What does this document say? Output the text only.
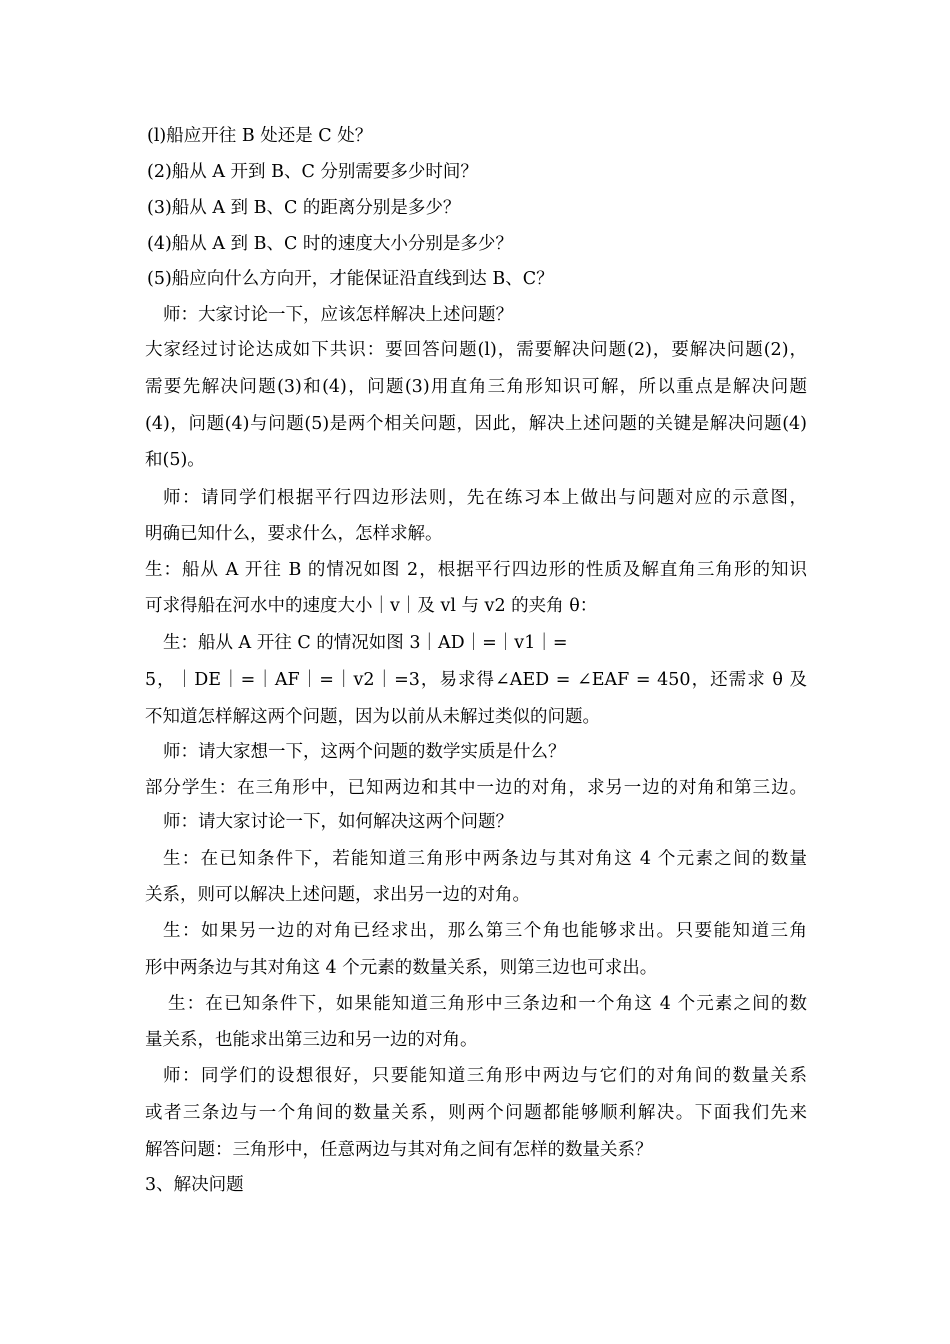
(l)船应开往 B 处还是 C 处？
(2)船从 A 开到 B、C 分别需要多少时间？
(3)船从 A 到 B、C 的距离分别是多少？
(4)船从 A 到 B、C 时的速度大小分别是多少？
(5)船应向什么方向开，才能保证沿直线到达 B、C？
师：大家讨论一下，应该怎样解决上述问题？
大家经过讨论达成如下共识：要回答问题(l)，需要解决问题(2)，要解决问题(2)，
需要先解决问题(3)和(4)，问题(3)用直角三角形知识可解，所以重点是解决问题
(4)，问题(4)与问题(5)是两个相关问题，因此，解决上述问题的关键是解决问题(4)
和(5)。
师：请同学们根据平行四边形法则，先在练习本上做出与问题对应的示意图，
明确已知什么，要求什么，怎样求解。
生：船从 A 开往 B 的情况如图 2，根据平行四边形的性质及解直角三角形的知识
可求得船在河水中的速度大小｜v｜及 vl 与 v2 的夹角 θ：
生：船从 A 开往 C 的情况如图 3｜AD｜=｜v1｜=
5，｜DE｜=｜AF｜=｜v2｜=3，易求得∠AED = ∠EAF = 450，还需求 θ 及
不知道怎样解这两个问题，因为以前从未解过类似的问题。
师：请大家想一下，这两个问题的数学实质是什么？
部分学生：在三角形中，已知两边和其中一边的对角，求另一边的对角和第三边。
师：请大家讨论一下，如何解决这两个问题？
生：在已知条件下，若能知道三角形中两条边与其对角这 4 个元素之间的数量
关系，则可以解决上述问题，求出另一边的对角。
生：如果另一边的对角已经求出，那么第三个角也能够求出。只要能知道三角
形中两条边与其对角这 4 个元素的数量关系，则第三边也可求出。
生：在已知条件下，如果能知道三角形中三条边和一个角这 4 个元素之间的数
量关系，也能求出第三边和另一边的对角。
师：同学们的设想很好，只要能知道三角形中两边与它们的对角间的数量关系
或者三条边与一个角间的数量关系，则两个问题都能够顺利解决。下面我们先来
解答问题：三角形中，任意两边与其对角之间有怎样的数量关系？
3、解决问题
